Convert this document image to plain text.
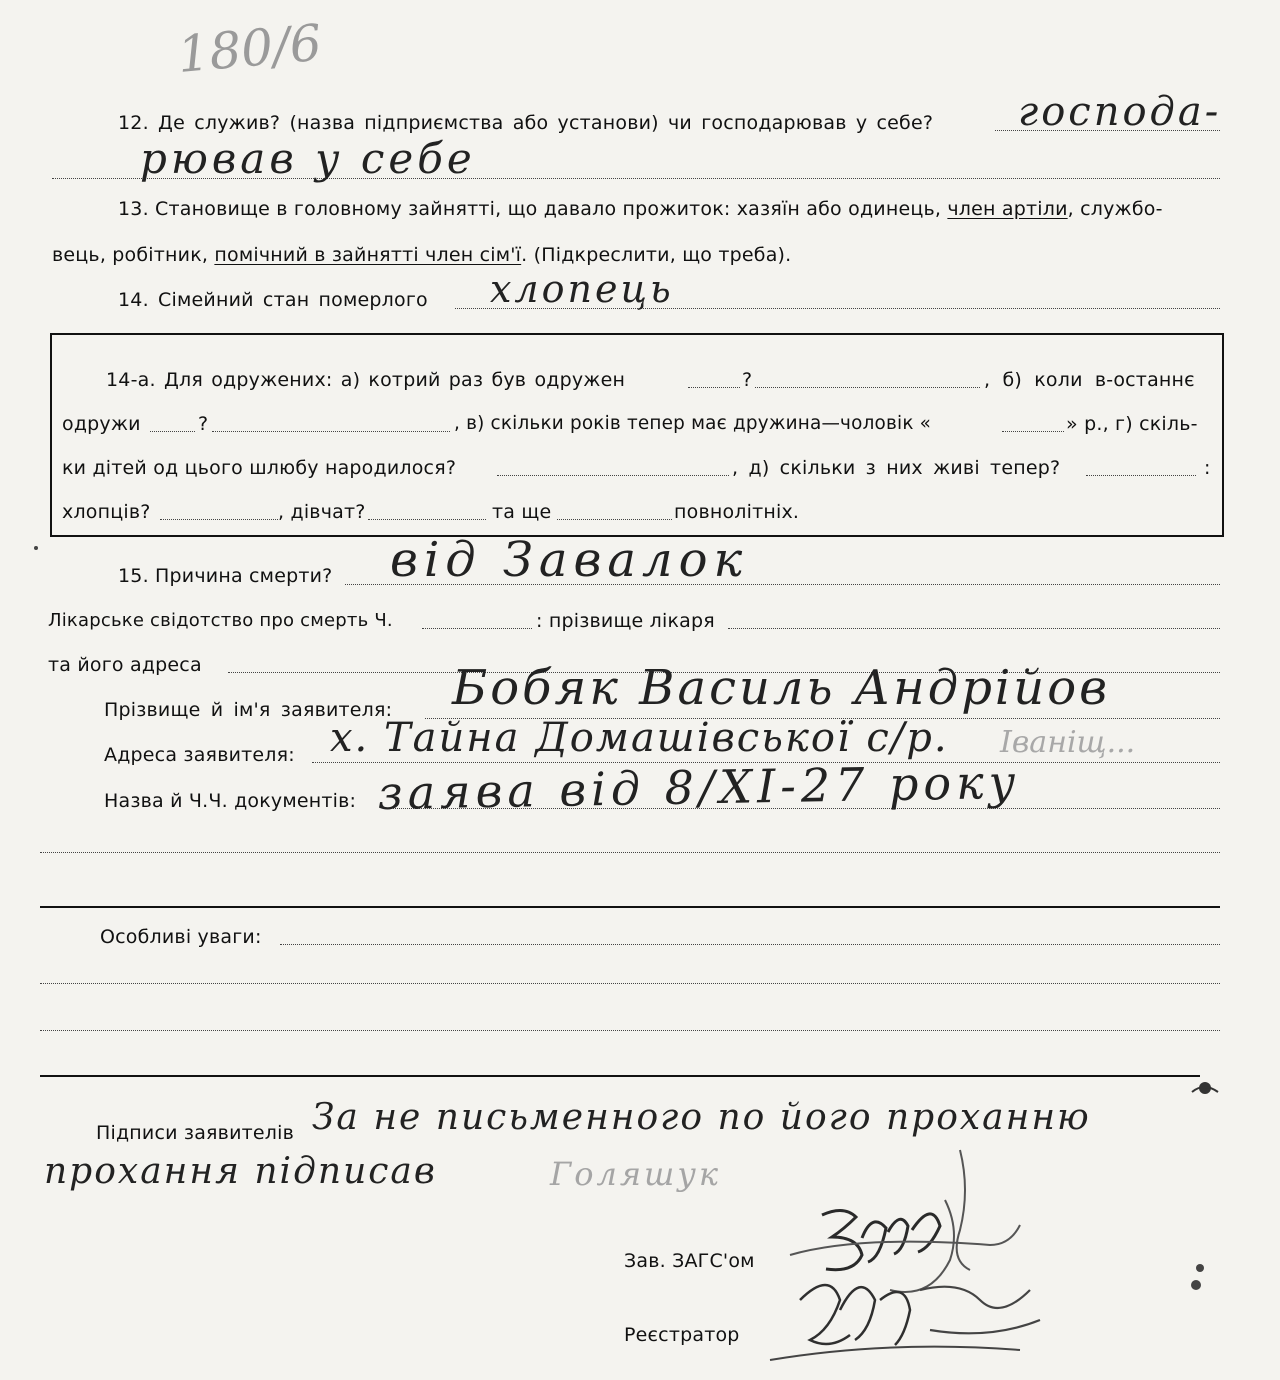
180/6
12. Де служив? (назва підприємства або установи) чи господарював у себе? господа-
рював у себе
13. Становище в головному зайнятті, що давало прожиток: хазяїн або одинець, член артіли, службо-
вець, робітник, помічний в зайнятті член сім'ї. (Підкреслити, що треба).
14. Сімейний стан померлого хлопець
14-а. Для одружених: а) котрий раз був одружен	?	, б) коли в-останнє
одружи	?	, в) скільки років тепер має дружина—чоловік «	» р., г) скіль-
ки дітей од цього шлюбу народилося?	, д) скільки з них живі тепер?	:
хлопців?	, дівчат?	та ще	повнолітніх.
15. Причина смерти? від Завалок
Лікарське свідотство про смерть Ч.	: прізвище лікаря
та його адреса
Прізвище й ім'я заявителя: Бобяк Василь Андрійов
Адреса заявителя: х. Тайна Домашівської с/р. Іваніщ...
Назва й Ч.Ч. документів: заява від 8/XI-27 року
Особливі уваги:
Підписи заявителів За не письменного по його проханню
прохання підписав	Голяшук
Зав. ЗАГС'ом
Реєстратор
